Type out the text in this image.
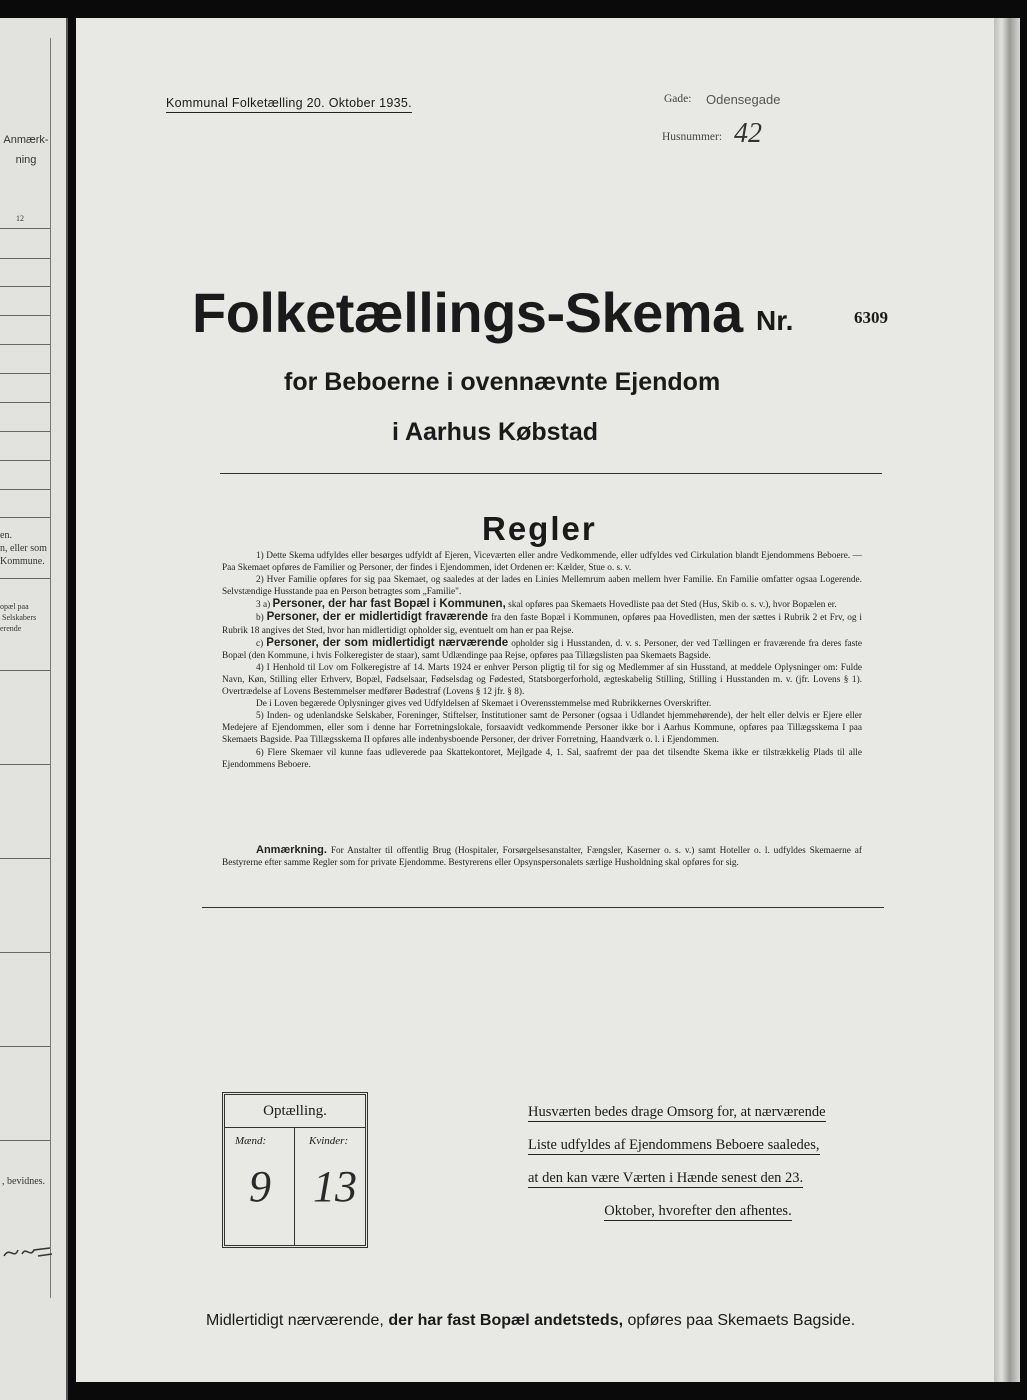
Anmærk-
ning
12
en.
n, eller som
Kommune.
opæl paa
Selskabers
erende
, bevidnes.
Kommunal Folketælling 20. Oktober 1935.	Gade: Odensegade
Husnummer: 42
Folketællings-Skema Nr.	6309
for Beboerne i ovennævnte Ejendom
i Aarhus Købstad
Regler

1) Dette Skema udfyldes eller besørges udfyldt af Ejeren, Viceværten eller andre Vedkommende, eller udfyldes ved Cirkulation blandt Ejendommens Beboere. — Paa Skemaet opføres de Familier og Personer, der findes i Ejendommen, idet Ordenen er: Kælder, Stue o. s. v.

2) Hver Familie opføres for sig paa Skemaet, og saaledes at der lades en Linies Mellemrum aaben mellem hver Familie. En Familie omfatter ogsaa Logerende. Selvstændige Husstande paa en Person betragtes som „Familie".

3 a) Personer, der har fast Bopæl i Kommunen, skal opføres paa Skemaets Hovedliste paa det Sted (Hus, Skib o. s. v.), hvor Bopælen er.

b) Personer, der er midlertidigt fraværende fra den faste Bopæl i Kommunen, opføres paa Hovedlisten, men der sættes i Rubrik 2 et Frv, og i Rubrik 18 angives det Sted, hvor han midlertidigt opholder sig, eventuelt om han er paa Rejse.

c) Personer, der som midlertidigt nærværende opholder sig i Husstanden, d. v. s. Personer, der ved Tællingen er fraværende fra deres faste Bopæl (den Kommune, i hvis Folkeregister de staar), samt Udlændinge paa Rejse, opføres paa Tillægslisten paa Skemaets Bagside.

4) I Henhold til Lov om Folkeregistre af 14. Marts 1924 er enhver Person pligtig til for sig og Medlemmer af sin Husstand, at meddele Oplysninger om: Fulde Navn, Køn, Stilling eller Erhverv, Bopæl, Fødselsaar, Fødselsdag og Fødested, Statsborgerforhold, ægteskabelig Stilling, Stilling i Husstanden m. v. (jfr. Lovens § 1). Overtrædelse af Lovens Bestemmelser medfører Bødestraf (Lovens § 12 jfr. § 8).

De i Loven begærede Oplysninger gives ved Udfyldelsen af Skemaet i Overensstemmelse med Rubrikkernes Overskrifter.

5) Inden- og udenlandske Selskaber, Foreninger, Stiftelser, Institutioner samt de Personer (ogsaa i Udlandet hjemmehørende), der helt eller delvis er Ejere eller Medejere af Ejendommen, eller som i denne har Forretningslokale, forsaavidt vedkommende Personer ikke bor i Aarhus Kommune, opføres paa Tillægsskema I paa Skemaets Bagside. Paa Tillægsskema II opføres alle indenbysboende Personer, der driver Forretning, Haandværk o. l. i Ejendommen.

6) Flere Skemaer vil kunne faas udleverede paa Skattekontoret, Mejlgade 4, 1. Sal, saafremt der paa det tilsendte Skema ikke er tilstrækkelig Plads til alle Ejendommens Beboere.

Anmærkning. For Anstalter til offentlig Brug (Hospitaler, Forsørgelsesanstalter, Fængsler, Kaserner o. s. v.) samt Hoteller o. l. udfyldes Skemaerne af Bestyrerne efter samme Regler som for private Ejendomme. Bestyrerens eller Opsynspersonalets særlige Husholdning skal opføres for sig.
Optælling.
Mænd:	Kvinder:
9 13
Husværten bedes drage Omsorg for, at nærværende
Liste udfyldes af Ejendommens Beboere saaledes,
at den kan være Værten i Hænde senest den 23.
Oktober, hvorefter den afhentes.
Midlertidigt nærværende, der har fast Bopæl andetsteds, opføres paa Skemaets Bagside.
